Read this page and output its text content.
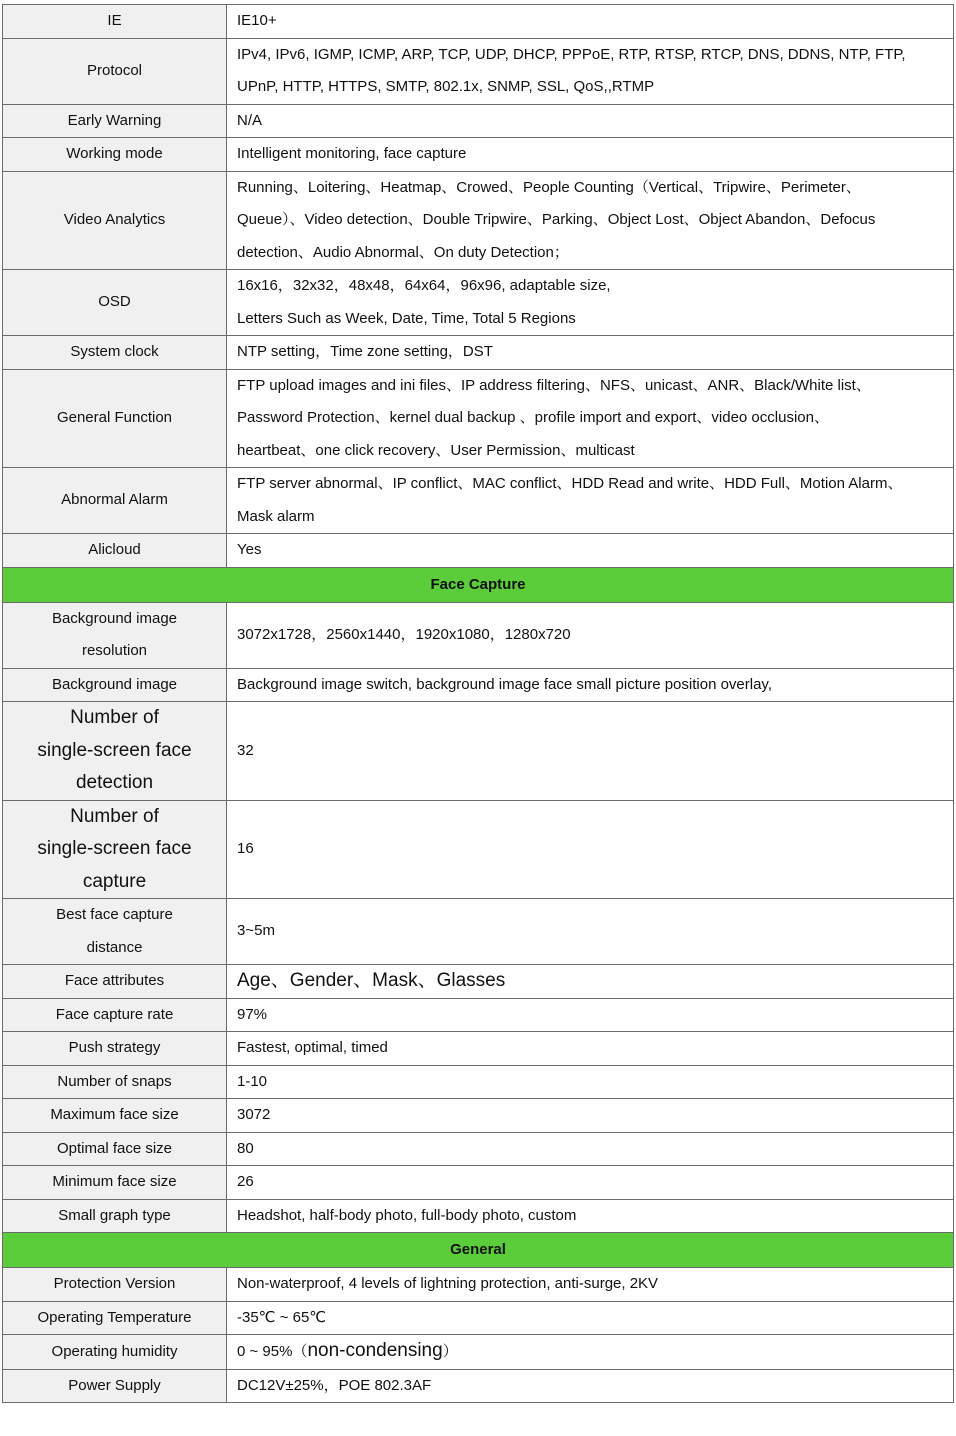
IE	IE10+

Protocol	IPv4, IPv6, IGMP, ICMP, ARP, TCP, UDP, DHCP, PPPoE, RTP, RTSP, RTCP, DNS, DDNS, NTP, FTP,
UPnP, HTTP, HTTPS, SMTP, 802.1x, SNMP, SSL, QoS,,RTMP

Early Warning	N/A

Working mode	Intelligent monitoring, face capture

Video Analytics	Running、Loitering、Heatmap、Crowed、People Counting（Vertical、Tripwire、Perimeter、
Queue）、Video detection、Double Tripwire、Parking、Object Lost、Object Abandon、Defocus
detection、Audio Abnormal、On duty Detection；

OSD	16x16，32x32，48x48，64x64，96x96, adaptable size,
Letters Such as Week, Date, Time, Total 5 Regions

System clock	NTP setting，Time zone setting，DST

General Function	FTP upload images and ini files、IP address filtering、NFS、unicast、ANR、Black/White list、
Password Protection、kernel dual backup 、profile import and export、video occlusion、
heartbeat、one click recovery、User Permission、multicast

Abnormal Alarm	FTP server abnormal、IP conflict、MAC conflict、HDD Read and write、HDD Full、Motion Alarm、
Mask alarm

Alicloud	Yes

Face Capture	

Background image
resolution	3072x1728，2560x1440，1920x1080，1280x720

Background image	Background image switch, background image face small picture position overlay,

Number of
single-screen face
detection	32

Number of
single-screen face
capture	16

Best face capture
distance	3~5m

Face attributes	Age、Gender、Mask、Glasses

Face capture rate	97%

Push strategy	Fastest, optimal, timed

Number of snaps	1-10

Maximum face size	3072

Optimal face size	80

Minimum face size	26

Small graph type	Headshot, half-body photo, full-body photo, custom

General	
Protection Version	Non-waterproof, 4 levels of lightning protection, anti-surge, 2KV
Operating Temperature	-35℃ ~ 65℃
Operating humidity	0 ~ 95%（non-condensing）
Power Supply	DC12V±25%，POE 802.3AF
